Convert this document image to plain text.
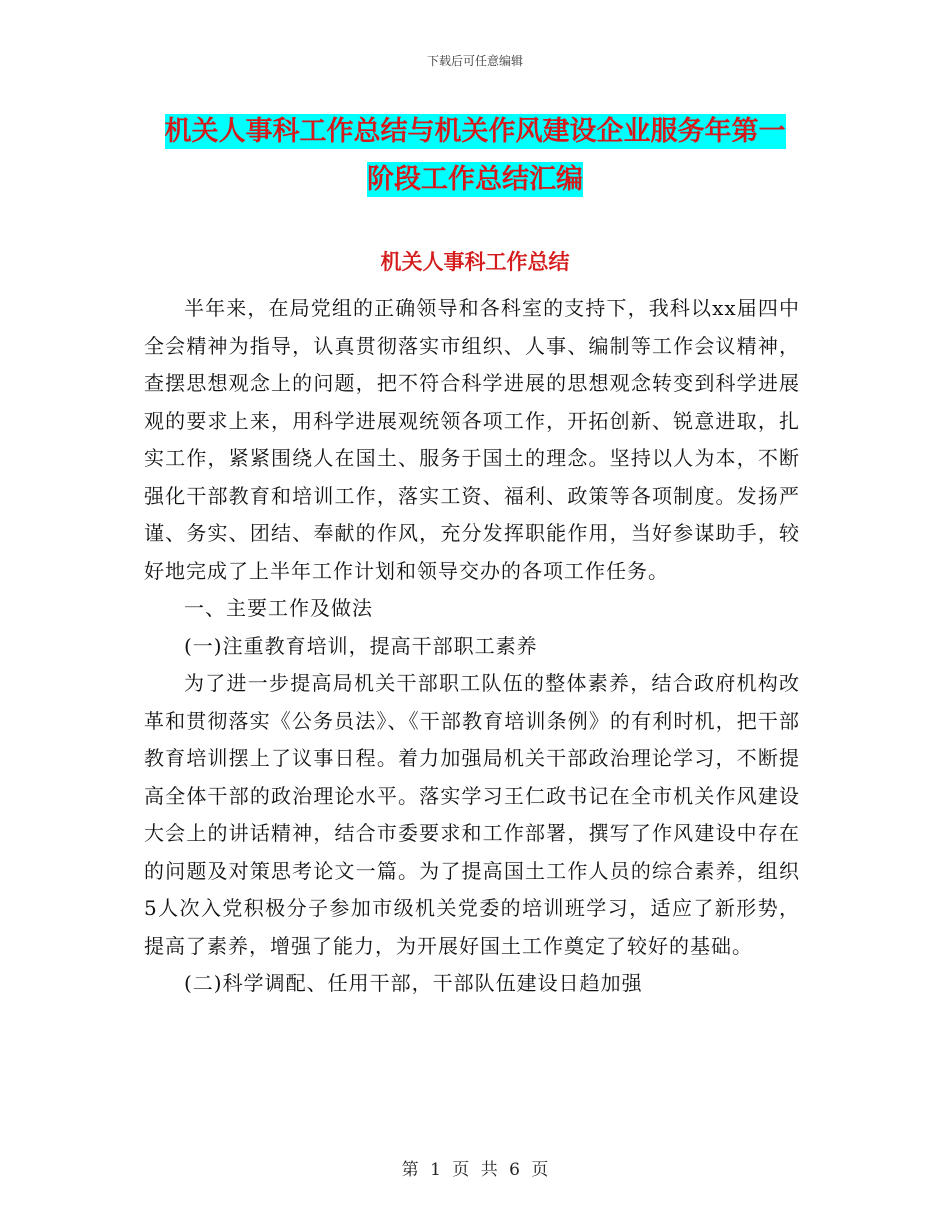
下载后可任意编辑
机关人事科工作总结与机关作风建设企业服务年第一
阶段工作总结汇编
机关人事科工作总结

半年来，在局党组的正确领导和各科室的支持下，我科以xx届四中全会精神为指导，认真贯彻落实市组织、人事、编制等工作会议精神，查摆思想观念上的问题，把不符合科学进展的思想观念转变到科学进展观的要求上来，用科学进展观统领各项工作，开拓创新、锐意进取，扎实工作，紧紧围绕人在国土、服务于国土的理念。坚持以人为本，不断强化干部教育和培训工作，落实工资、福利、政策等各项制度。发扬严谨、务实、团结、奉献的作风，充分发挥职能作用，当好参谋助手，较好地完成了上半年工作计划和领导交办的各项工作任务。

一、主要工作及做法

(一)注重教育培训，提高干部职工素养

为了进一步提高局机关干部职工队伍的整体素养，结合政府机构改革和贯彻落实《公务员法》、《干部教育培训条例》的有利时机，把干部教育培训摆上了议事日程。着力加强局机关干部政治理论学习，不断提高全体干部的政治理论水平。落实学习王仁政书记在全市机关作风建设大会上的讲话精神，结合市委要求和工作部署，撰写了作风建设中存在的问题及对策思考论文一篇。为了提高国土工作人员的综合素养，组织5人次入党积极分子参加市级机关党委的培训班学习，适应了新形势，提高了素养，增强了能力，为开展好国土工作奠定了较好的基础。

(二)科学调配、任用干部，干部队伍建设日趋加强

第 1 页 共 6 页
